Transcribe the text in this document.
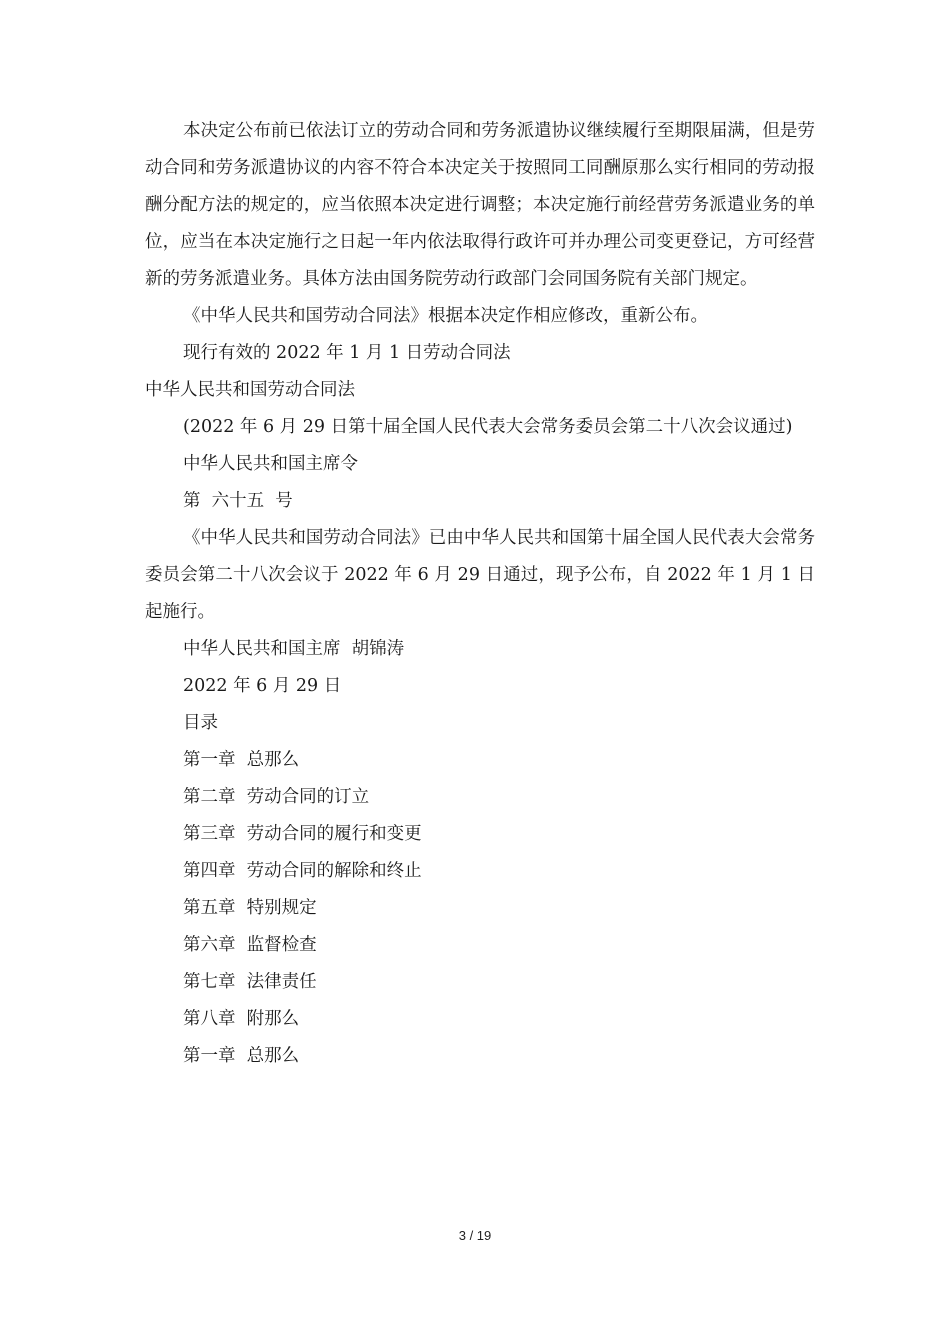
本决定公布前已依法订立的劳动合同和劳务派遣协议继续履行至期限届满，但是劳动合同和劳务派遣协议的内容不符合本决定关于按照同工同酬原那么实行相同的劳动报酬分配方法的规定的，应当依照本决定进行调整；本决定施行前经营劳务派遣业务的单位，应当在本决定施行之日起一年内依法取得行政许可并办理公司变更登记，方可经营新的劳务派遣业务。具体方法由国务院劳动行政部门会同国务院有关部门规定。

《中华人民共和国劳动合同法》根据本决定作相应修改，重新公布。

现行有效的 2022 年 1 月 1 日劳动合同法

中华人民共和国劳动合同法

(2022 年 6 月 29 日第十届全国人民代表大会常务委员会第二十八次会议通过)

中华人民共和国主席令

第  六十五  号

《中华人民共和国劳动合同法》已由中华人民共和国第十届全国人民代表大会常务委员会第二十八次会议于 2022 年 6 月 29 日通过，现予公布，自 2022 年 1 月 1 日起施行。

中华人民共和国主席  胡锦涛

2022 年 6 月 29 日

目录

第一章  总那么

第二章  劳动合同的订立

第三章  劳动合同的履行和变更

第四章  劳动合同的解除和终止

第五章  特别规定

第六章  监督检查

第七章  法律责任

第八章  附那么

第一章  总那么

3 / 19
